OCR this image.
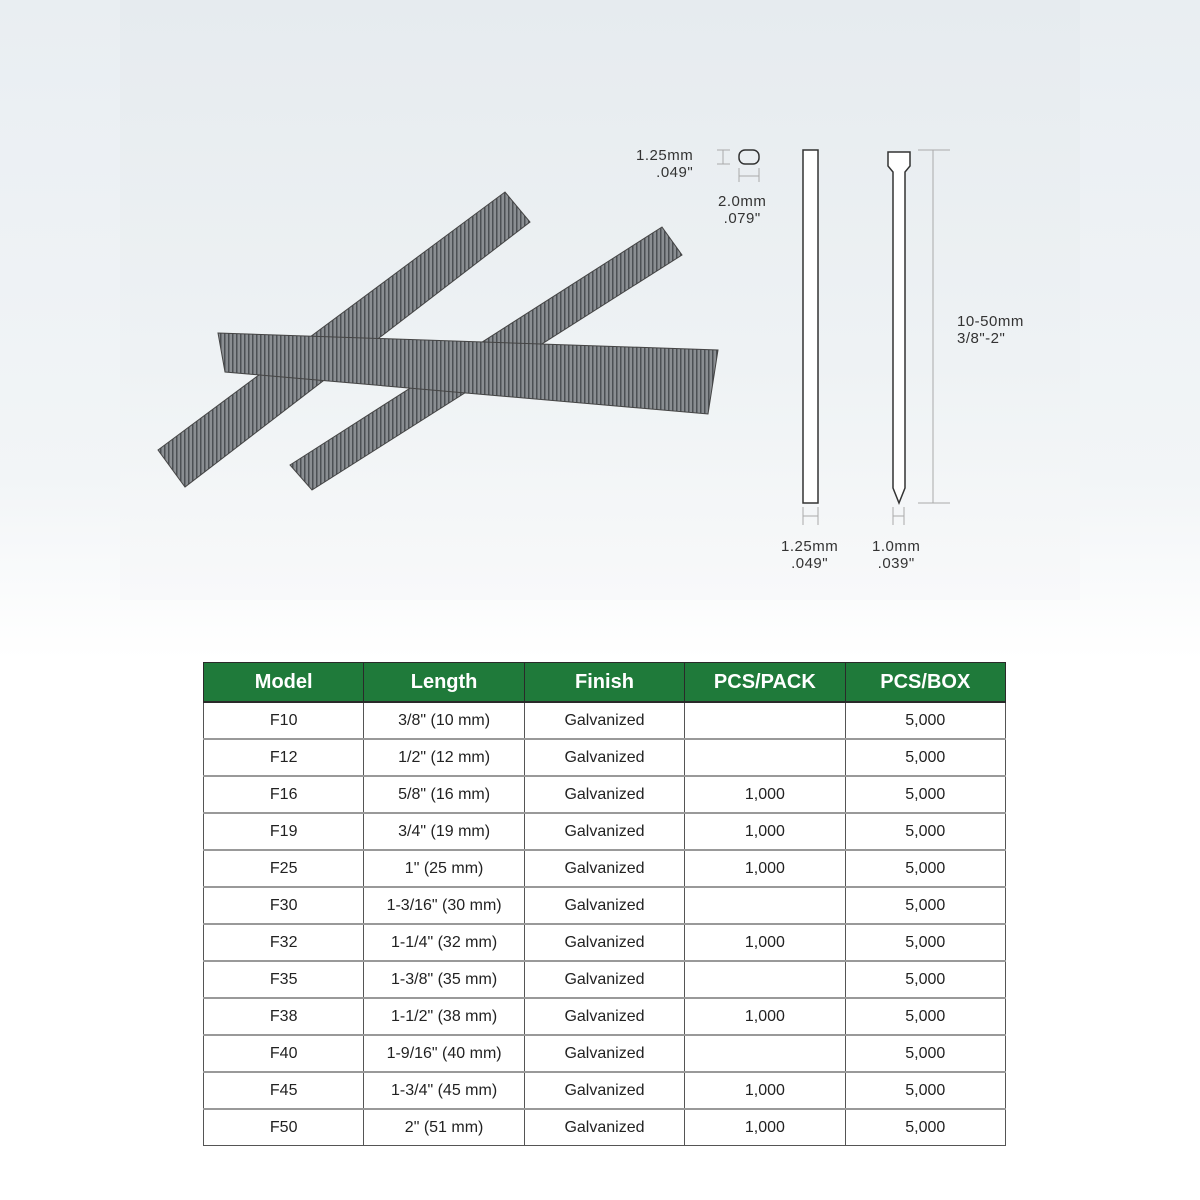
1.25mm
.049"
2.0mm
.079"
1.25mm
.049"
1.0mm
.039"
10-50mm
3/8"-2"
Model	Length	Finish	PCS/PACK	PCS/BOX
F10	3/8" (10 mm)	Galvanized		5,000
F12	1/2" (12 mm)	Galvanized		5,000
F16	5/8" (16 mm)	Galvanized	1,000	5,000
F19	3/4" (19 mm)	Galvanized	1,000	5,000
F25	1" (25 mm)	Galvanized	1,000	5,000
F30	1-3/16" (30 mm)	Galvanized		5,000
F32	1-1/4" (32 mm)	Galvanized	1,000	5,000
F35	1-3/8" (35 mm)	Galvanized		5,000
F38	1-1/2" (38 mm)	Galvanized	1,000	5,000
F40	1-9/16" (40 mm)	Galvanized		5,000
F45	1-3/4" (45 mm)	Galvanized	1,000	5,000
F50	2" (51 mm)	Galvanized	1,000	5,000
